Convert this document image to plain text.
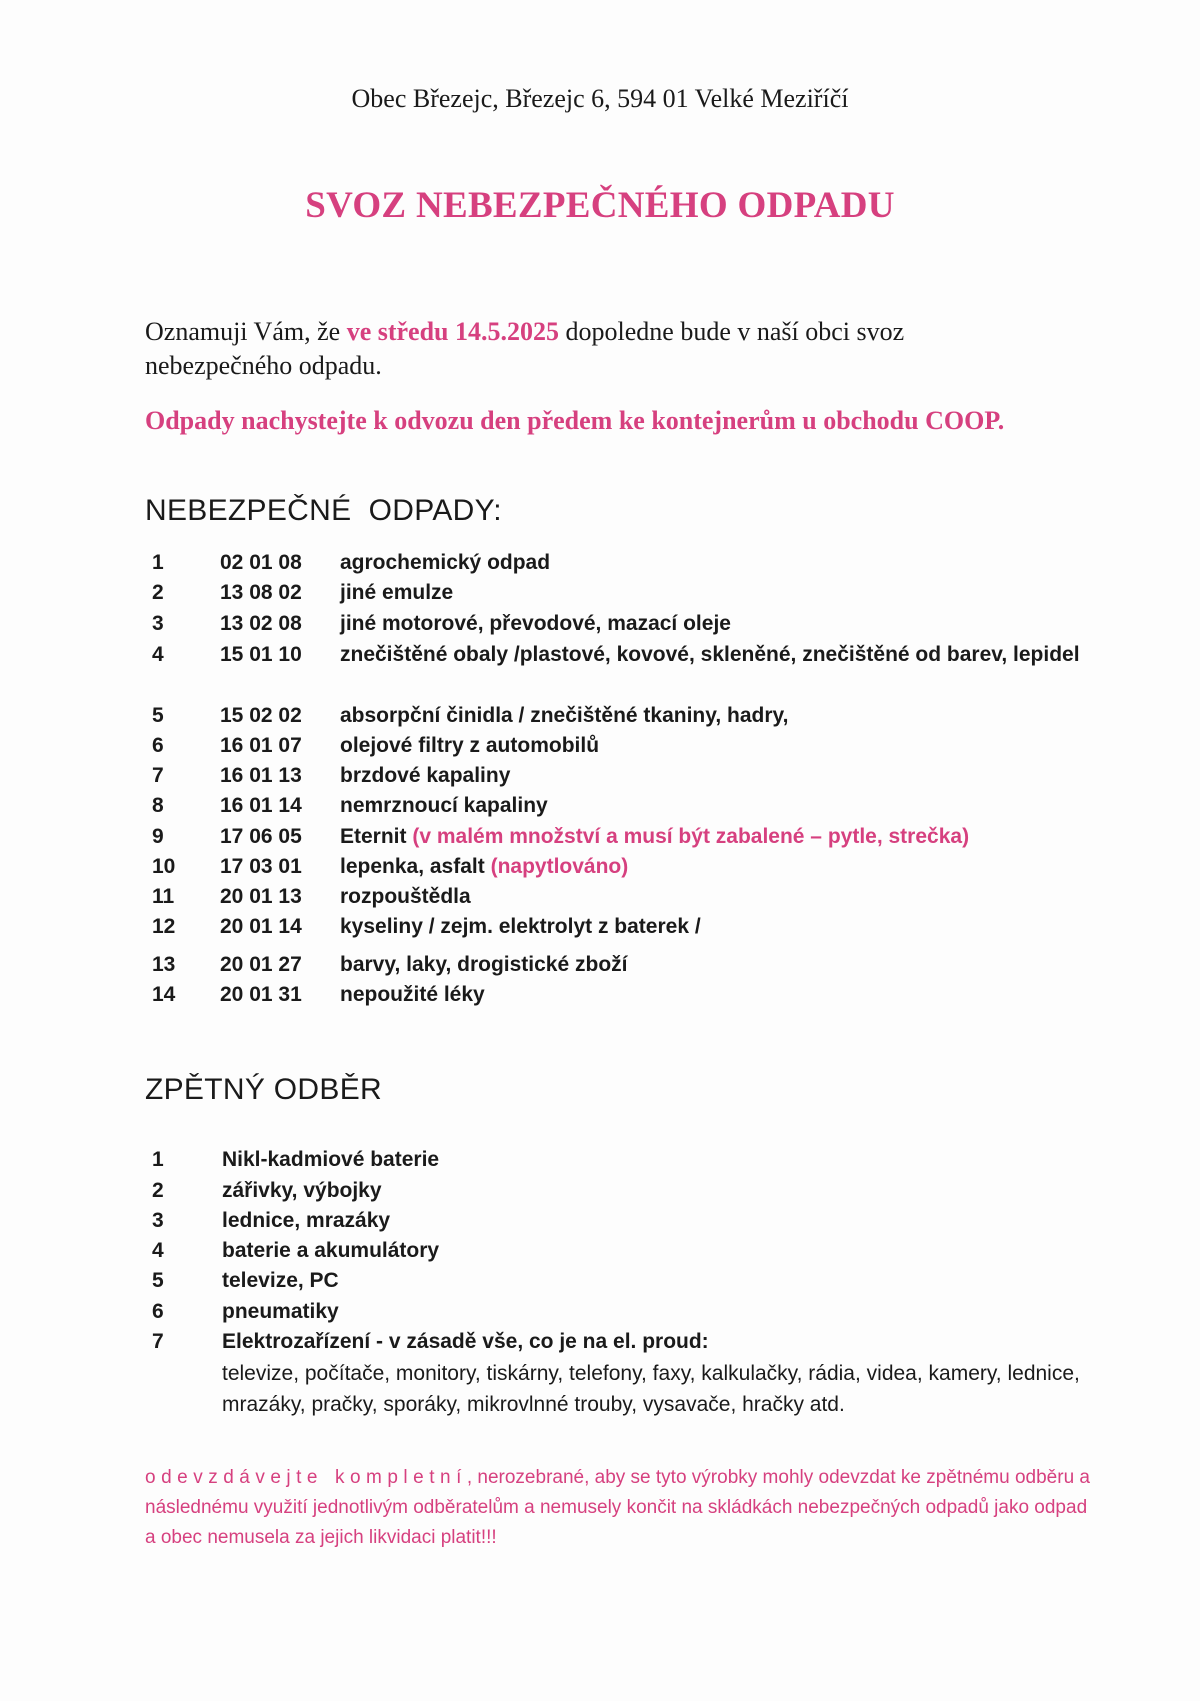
Obec Březejc, Březejc 6, 594 01 Velké Meziříčí
SVOZ NEBEZPEČNÉHO ODPADU
Oznamuji Vám, že ve středu 14.5.2025 dopoledne bude v naší obci svoz nebezpečného odpadu.
Odpady nachystejte k odvozu den předem ke kontejnerům u obchodu COOP.
NEBEZPEČNÉ  ODPADY:
1	02 01 08	agrochemický odpad
2	13 08 02	jiné emulze
3	13 02 08	jiné motorové, převodové, mazací oleje
4	15 01 10	znečištěné obaly /plastové, kovové, skleněné, znečištěné od barev, lepidel
5	15 02 02	absorpční činidla / znečištěné tkaniny, hadry,
6	16 01 07	olejové filtry z automobilů
7	16 01 13	brzdové kapaliny
8	16 01 14	nemrznoucí kapaliny
9	17 06 05	Eternit (v malém množství a musí být zabalené – pytle, strečka)
10	17 03 01	lepenka, asfalt (napytlováno)
11	20 01 13	rozpouštědla
12	20 01 14	kyseliny / zejm. elektrolyt z baterek /
13	20 01 27	barvy, laky, drogistické zboží
14	20 01 31	nepoužité léky
ZPĚTNÝ ODBĚR
1	Nikl-kadmiové baterie
2	zářivky, výbojky
3	lednice, mrazáky
4	baterie a akumulátory
5	televize, PC
6	pneumatiky
7	Elektrozařízení - v zásadě vše, co je na el. proud:
televize, počítače, monitory, tiskárny, telefony, faxy, kalkulačky, rádia, videa, kamery, lednice, mrazáky, pračky, sporáky, mikrovlnné trouby, vysavače, hračky atd.
odevzdávejte kompletní, nerozebrané, aby se tyto výrobky mohly odevzdat ke zpětnému odběru a následnému využití jednotlivým odběratelům a nemusely končit na skládkách nebezpečných odpadů jako odpad a obec nemusela za jejich likvidaci platit!!!
